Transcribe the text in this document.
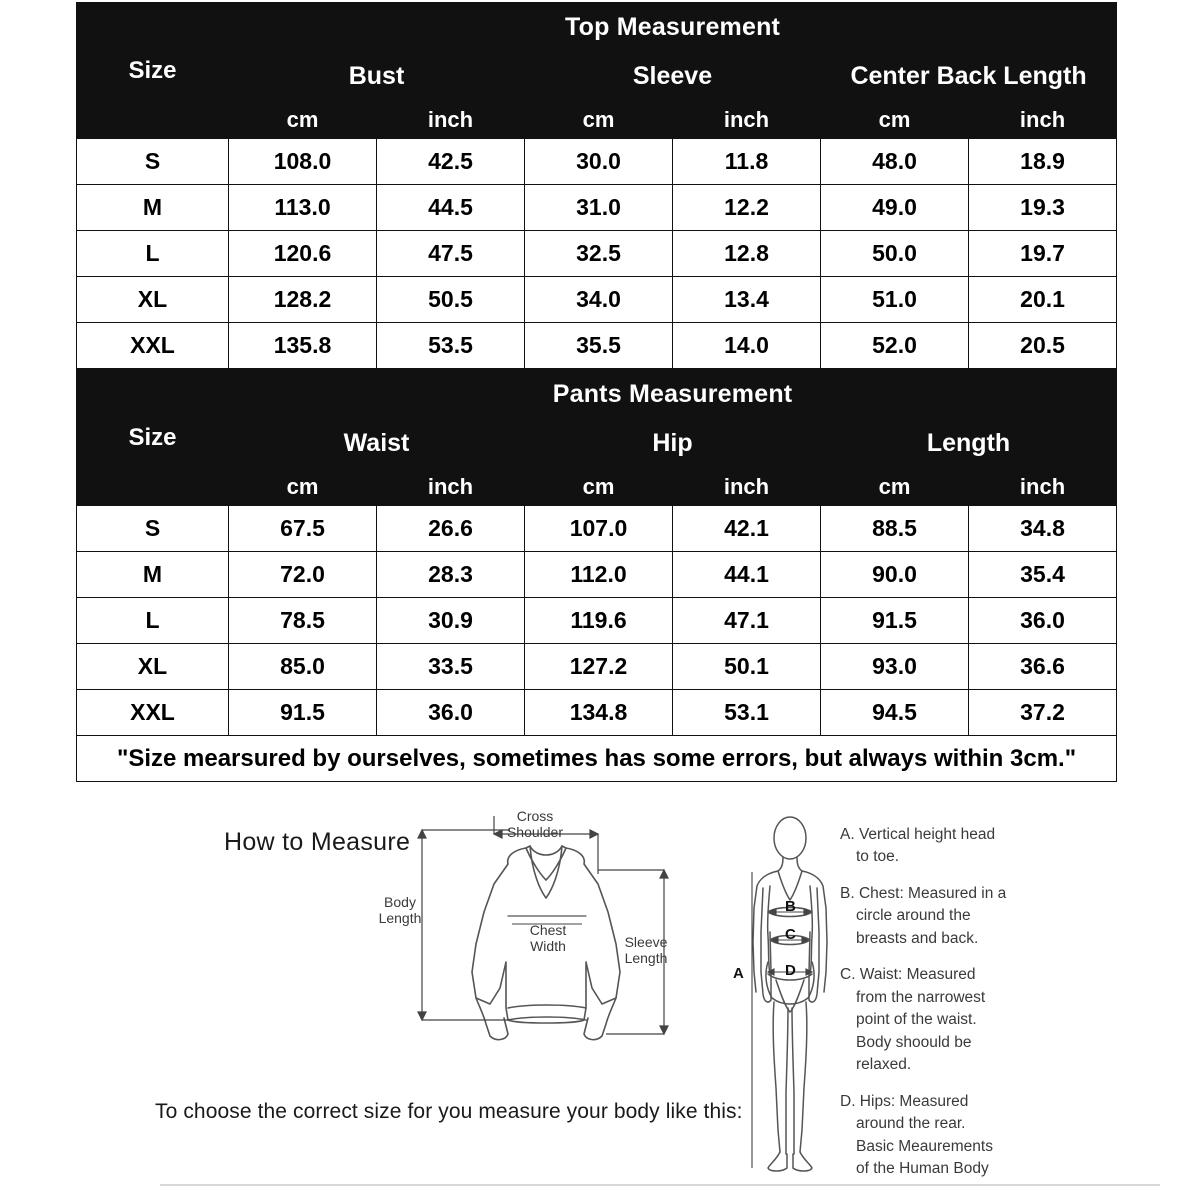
Size	Top Measurement					
	Bust		Sleeve		Center Back Length	
	cm	inch	cm	inch	cm	inch
S	108.0	42.5	30.0	11.8	48.0	18.9
M	113.0	44.5	31.0	12.2	49.0	19.3
L	120.6	47.5	32.5	12.8	50.0	19.7
XL	128.2	50.5	34.0	13.4	51.0	20.1
XXL	135.8	53.5	35.5	14.0	52.0	20.5
Size	Pants Measurement					
	Waist		Hip		Length	
	cm	inch	cm	inch	cm	inch
S	67.5	26.6	107.0	42.1	88.5	34.8
M	72.0	28.3	112.0	44.1	90.0	35.4
L	78.5	30.9	119.6	47.1	91.5	36.0
XL	85.0	33.5	127.2	50.1	93.0	36.6
XXL	91.5	36.0	134.8	53.1	94.5	37.2
"Size mearsured by ourselves, sometimes has some errors, but always within 3cm."						
How to Measure
To choose the correct size for you measure your body like this:
Cross
Shoulder
Body
Length
Chest
Width	Sleeve
Length
B
C
D
A

A. Vertical height head

to toe.

B. Chest: Measured in a

circle around the

breasts and back.

C. Waist: Measured

from the narrowest

point of the waist.

Body shoould be

relaxed.

D. Hips: Measured

around the rear.

Basic Meaurements

of the Human Body
